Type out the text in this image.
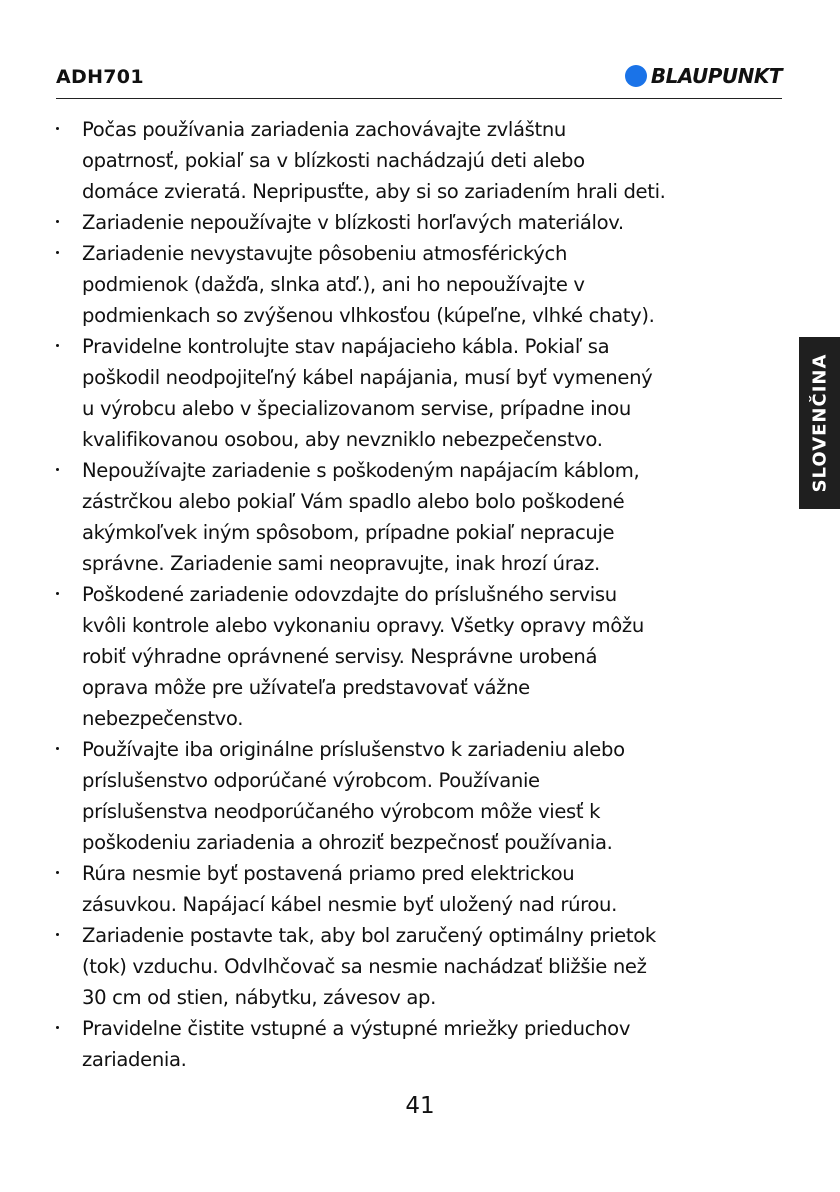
ADH701	BLAUPUNKT
Počas používania zariadenia zachovávajte zvláštnu
opatrnosť, pokiaľ sa v blízkosti nachádzajú deti alebo
domáce zvieratá. Nepripusťte, aby si so zariadením hrali deti.
Zariadenie nepoužívajte v blízkosti horľavých materiálov.
Zariadenie nevystavujte pôsobeniu atmosférických
podmienok (dažďa, slnka atď.), ani ho nepoužívajte v
podmienkach so zvýšenou vlhkosťou (kúpeľne, vlhké chaty).
Pravidelne kontrolujte stav napájacieho kábla. Pokiaľ sa
poškodil neodpojiteľný kábel napájania, musí byť vymenený
u výrobcu alebo v špecializovanom servise, prípadne inou
kvalifikovanou osobou, aby nevzniklo nebezpečenstvo.
Nepoužívajte zariadenie s poškodeným napájacím káblom,
zástrčkou alebo pokiaľ Vám spadlo alebo bolo poškodené
akýmkoľvek iným spôsobom, prípadne pokiaľ nepracuje
správne. Zariadenie sami neopravujte, inak hrozí úraz.
Poškodené zariadenie odovzdajte do príslušného servisu
kvôli kontrole alebo vykonaniu opravy. Všetky opravy môžu
robiť výhradne oprávnené servisy. Nesprávne urobená
oprava môže pre užívateľa predstavovať vážne
nebezpečenstvo.
Používajte iba originálne príslušenstvo k zariadeniu alebo
príslušenstvo odporúčané výrobcom. Používanie
príslušenstva neodporúčaného výrobcom môže viesť k
poškodeniu zariadenia a ohroziť bezpečnosť používania.
Rúra nesmie byť postavená priamo pred elektrickou
zásuvkou. Napájací kábel nesmie byť uložený nad rúrou.
Zariadenie postavte tak, aby bol zaručený optimálny prietok
(tok) vzduchu. Odvlhčovač sa nesmie nachádzať bližšie než
30 cm od stien, nábytku, závesov ap.
Pravidelne čistite vstupné a výstupné mriežky prieduchov
zariadenia.
SLOVENČINA
41
